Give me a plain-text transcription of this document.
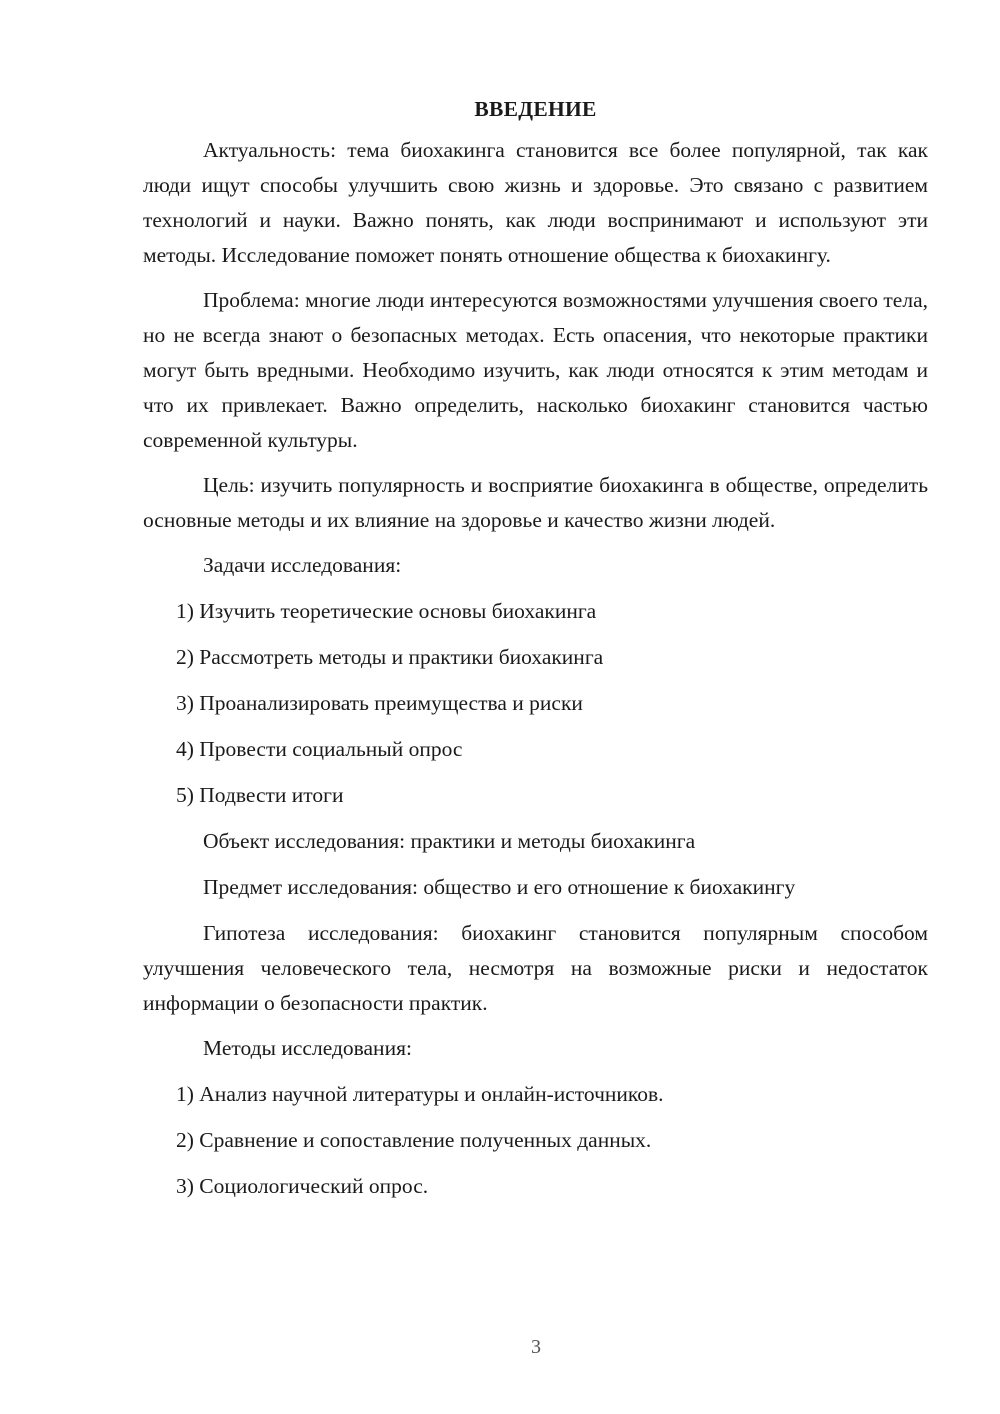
ВВЕДЕНИЕ

Актуальность: тема биохакинга становится все более популярной, так как люди ищут способы улучшить свою жизнь и здоровье. Это связано с развитием технологий и науки. Важно понять, как люди воспринимают и используют эти методы. Исследование поможет понять отношение общества к биохакингу.

Проблема: многие люди интересуются возможностями улучшения своего тела, но не всегда знают о безопасных методах. Есть опасения, что некоторые практики могут быть вредными. Необходимо изучить, как люди относятся к этим методам и что их привлекает. Важно определить, насколько биохакинг становится частью современной культуры.

Цель: изучить популярность и восприятие биохакинга в обществе, определить основные методы и их влияние на здоровье и качество жизни людей.

Задачи исследования:
1) Изучить теоретические основы биохакинга
2) Рассмотреть методы и практики биохакинга
3) Проанализировать преимущества и риски
4) Провести социальный опрос
5) Подвести итоги
Объект исследования: практики и методы биохакинга
Предмет исследования: общество и его отношение к биохакингу

Гипотеза исследования: биохакинг становится популярным способом улучшения человеческого тела, несмотря на возможные риски и недостаток информации о безопасности практик.

Методы исследования:
1) Анализ научной литературы и онлайн-источников.
2) Сравнение и сопоставление полученных данных.
3) Социологический опрос.
3
